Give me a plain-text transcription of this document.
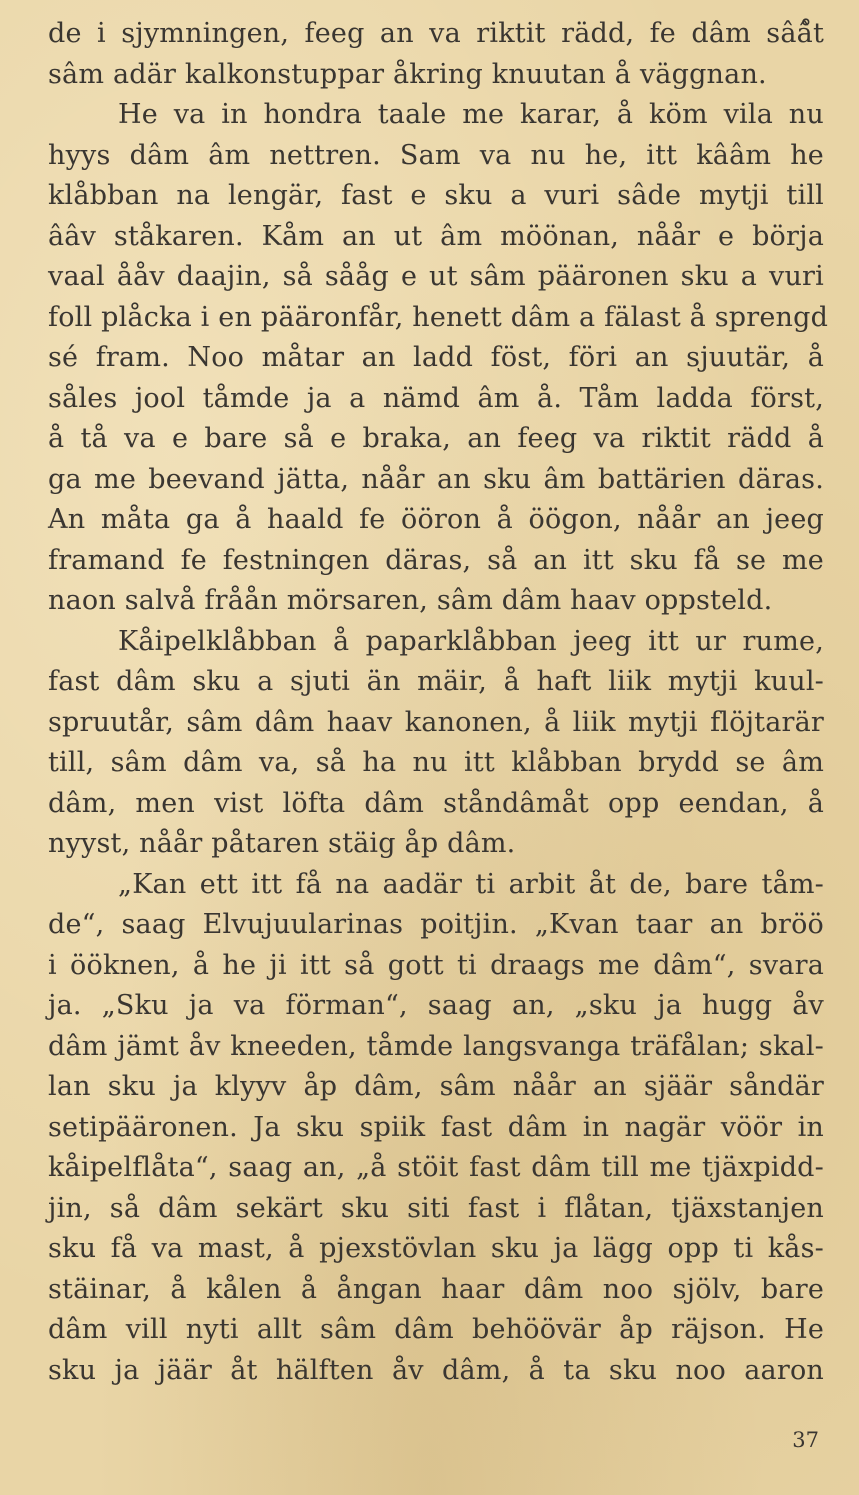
de i sjymningen, feeg an va riktit rädd, fe dâm sââ̊t
sâm adär kalkonstuppar åkring knuutan å väggnan.
He va in hondra taale me karar, å köm vila nu
hyys dâm âm nettren. Sam va nu he, itt kââm he
klåbban na lengär, fast e sku a vuri sâde mytji till
ââv ståkaren. Kåm an ut âm möönan, nåår e börja
vaal ååv daajin, så sååg e ut sâm pääronen sku a vuri
foll plåcka i en pääronfår, henett dâm a fälast å sprengd
sé fram. Noo måtar an ladd föst, föri an sjuutär, å
såles jool tåmde ja a nämd âm å. Tåm ladda först,
å tå va e bare så e braka, an feeg va riktit rädd å
ga me beevand jätta, nåår an sku âm battärien däras.
An måta ga å haald fe ööron å öögon, nåår an jeeg
framand fe festningen däras, så an itt sku få se me
naon salvå fråån mörsaren, sâm dâm haav oppsteld.
Kåipelklåbban å paparklåbban jeeg itt ur rume,
fast dâm sku a sjuti än mäir, å haft liik mytji kuul-
spruutår, sâm dâm haav kanonen, å liik mytji flöjtarär
till, sâm dâm va, så ha nu itt klåbban brydd se âm
dâm, men vist löfta dâm ståndâmåt opp eendan, å
nyyst, nåår påtaren stäig åp dâm.
„Kan ett itt få na aadär ti arbit åt de, bare tåm-
de“, saag Elvujuularinas poitjin. „Kvan taar an bröö
i ööknen, å he ji itt så gott ti draags me dâm“, svara
ja. „Sku ja va förman“, saag an, „sku ja hugg åv
dâm jämt åv kneeden, tåmde langsvanga träfålan; skal-
lan sku ja klyyv åp dâm, sâm nåår an sjäär såndär
setipääronen. Ja sku spiik fast dâm in nagär vöör in
kåipelflåta“, saag an, „å stöit fast dâm till me tjäxpidd-
jin, så dâm sekärt sku siti fast i flåtan, tjäxstanjen
sku få va mast, å pjexstövlan sku ja lägg opp ti kås-
stäinar, å kålen å ångan haar dâm noo sjölv, bare
dâm vill nyti allt sâm dâm behöövär åp räjson. He
sku ja jäär åt hälften åv dâm, å ta sku noo aaron
37
